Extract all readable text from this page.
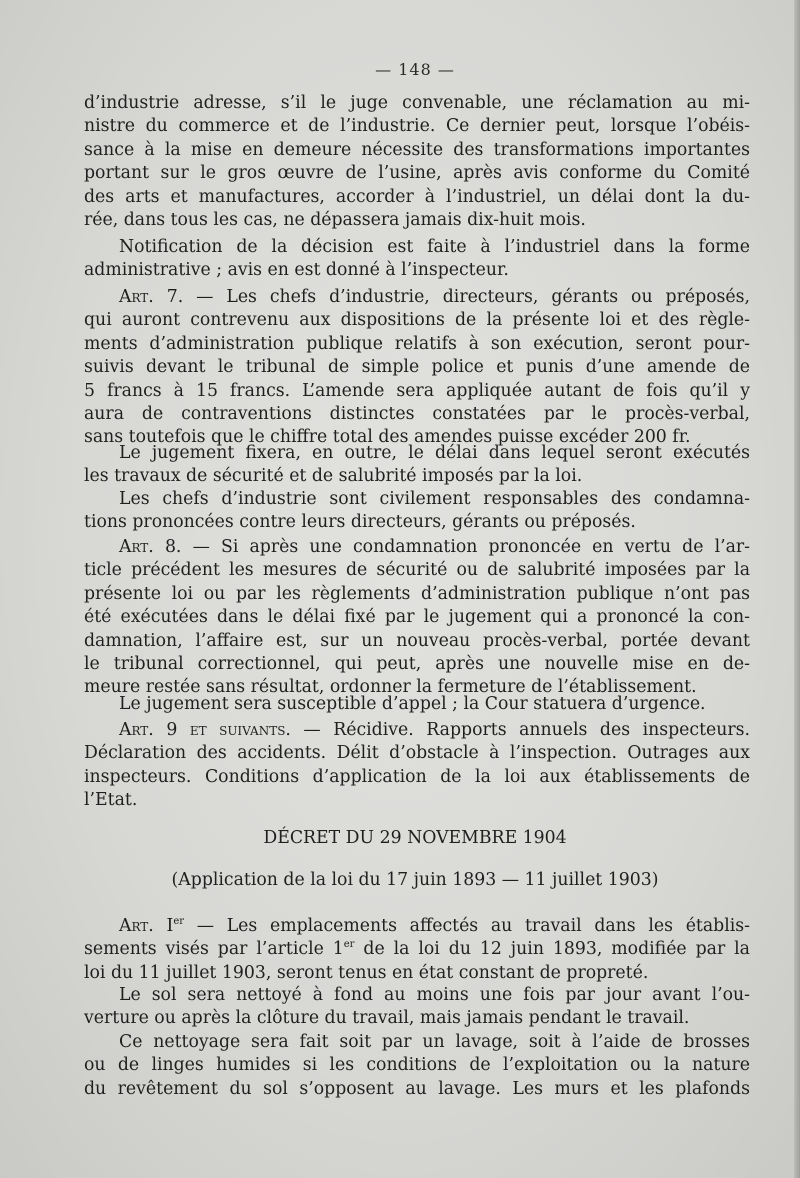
— 148 —
d’industrie adresse, s’il le juge convenable, une réclamation au mi-
nistre du commerce et de l’industrie. Ce dernier peut, lorsque l’obéis-
sance à la mise en demeure nécessite des transformations importantes
portant sur le gros œuvre de l’usine, après avis conforme du Comité
des arts et manufactures, accorder à l’industriel, un délai dont la du-
rée, dans tous les cas, ne dépassera jamais dix-huit mois.
Notification de la décision est faite à l’industriel dans la forme
administrative ; avis en est donné à l’inspecteur.
Art. 7. — Les chefs d’industrie, directeurs, gérants ou préposés,
qui auront contrevenu aux dispositions de la présente loi et des règle-
ments d’administration publique relatifs à son exécution, seront pour-
suivis devant le tribunal de simple police et punis d’une amende de
5 francs à 15 francs. L’amende sera appliquée autant de fois qu’il y
aura de contraventions distinctes constatées par le procès-verbal,
sans toutefois que le chiffre total des amendes puisse excéder 200 fr.
Le jugement fixera, en outre, le délai dans lequel seront exécutés
les travaux de sécurité et de salubrité imposés par la loi.
Les chefs d’industrie sont civilement responsables des condamna-
tions prononcées contre leurs directeurs, gérants ou préposés.
Art. 8. — Si après une condamnation prononcée en vertu de l’ar-
ticle précédent les mesures de sécurité ou de salubrité imposées par la
présente loi ou par les règlements d’administration publique n’ont pas
été exécutées dans le délai fixé par le jugement qui a prononcé la con-
damnation, l’affaire est, sur un nouveau procès-verbal, portée devant
le tribunal correctionnel, qui peut, après une nouvelle mise en de-
meure restée sans résultat, ordonner la fermeture de l’établissement.
Le jugement sera susceptible d’appel ; la Cour statuera d’urgence.
Art. 9 et suivants. — Récidive. Rapports annuels des inspecteurs.
Déclaration des accidents. Délit d’obstacle à l’inspection. Outrages aux
inspecteurs. Conditions d’application de la loi aux établissements de
l’Etat.
DÉCRET DU 29 NOVEMBRE 1904
(Application de la loi du 17 juin 1893 — 11 juillet 1903)
Art. Ier — Les emplacements affectés au travail dans les établis-
sements visés par l’article 1er de la loi du 12 juin 1893, modifiée par la
loi du 11 juillet 1903, seront tenus en état constant de propreté.
Le sol sera nettoyé à fond au moins une fois par jour avant l’ou-
verture ou après la clôture du travail, mais jamais pendant le travail.
Ce nettoyage sera fait soit par un lavage, soit à l’aide de brosses
ou de linges humides si les conditions de l’exploitation ou la nature
du revêtement du sol s’opposent au lavage. Les murs et les plafonds
